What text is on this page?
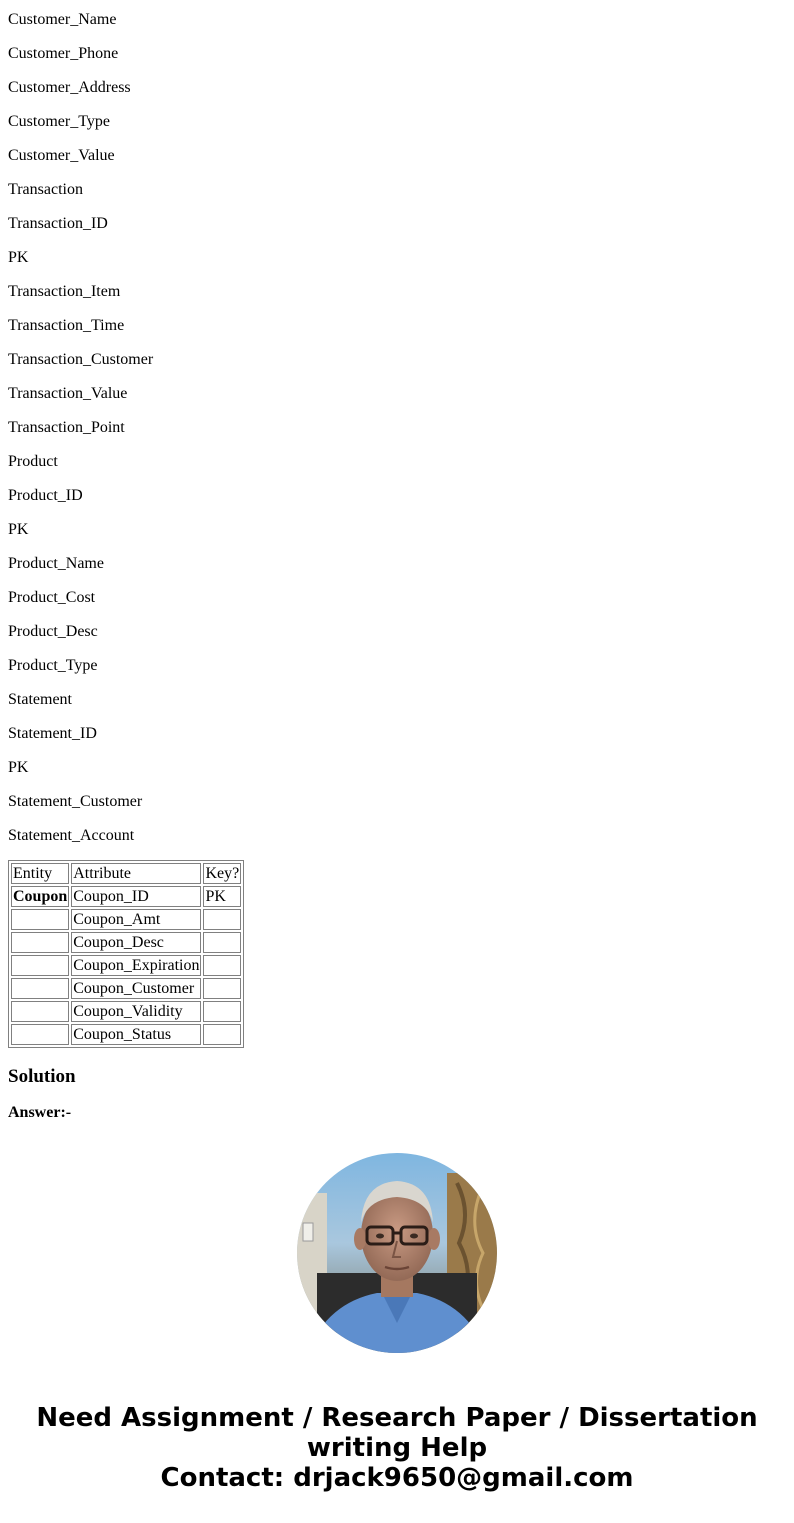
Customer_Name

Customer_Phone

Customer_Address

Customer_Type

Customer_Value

Transaction

Transaction_ID

PK

Transaction_Item

Transaction_Time

Transaction_Customer

Transaction_Value

Transaction_Point

Product

Product_ID

PK

Product_Name

Product_Cost

Product_Desc

Product_Type

Statement

Statement_ID

PK

Statement_Customer

Statement_Account

Entity	Attribute	Key?
Coupon	Coupon_ID	PK
	Coupon_Amt	
	Coupon_Desc	
	Coupon_Expiration	
	Coupon_Customer	
	Coupon_Validity	
	Coupon_Status	
Solution
Answer:-
Need Assignment / Research Paper / Dissertation
writing Help
Contact: drjack9650@gmail.com
